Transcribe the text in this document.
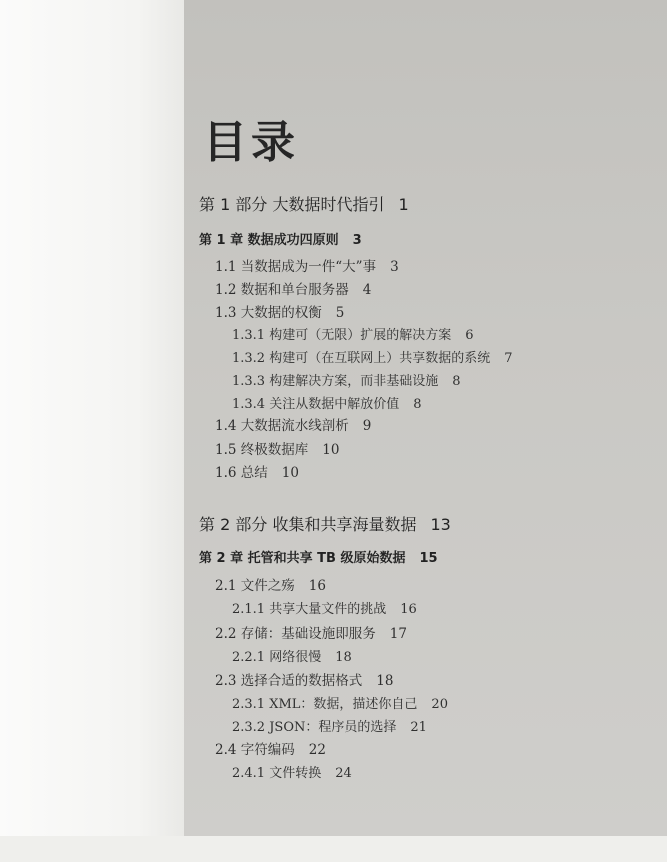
目录
第 1 部分 大数据时代指引 1
第 1 章 数据成功四原则 3
1.1 当数据成为一件“大”事 3
1.2 数据和单台服务器 4
1.3 大数据的权衡 5
1.3.1 构建可（无限）扩展的解决方案 6
1.3.2 构建可（在互联网上）共享数据的系统 7
1.3.3 构建解决方案，而非基础设施 8
1.3.4 关注从数据中解放价值 8
1.4 大数据流水线剖析 9
1.5 终极数据库 10
1.6 总结 10
第 2 部分 收集和共享海量数据 13
第 2 章 托管和共享 TB 级原始数据 15
2.1 文件之殇 16
2.1.1 共享大量文件的挑战 16
2.2 存储：基础设施即服务 17
2.2.1 网络很慢 18
2.3 选择合适的数据格式 18
2.3.1 XML：数据，描述你自己 20
2.3.2 JSON：程序员的选择 21
2.4 字符编码 22
2.4.1 文件转换 24
